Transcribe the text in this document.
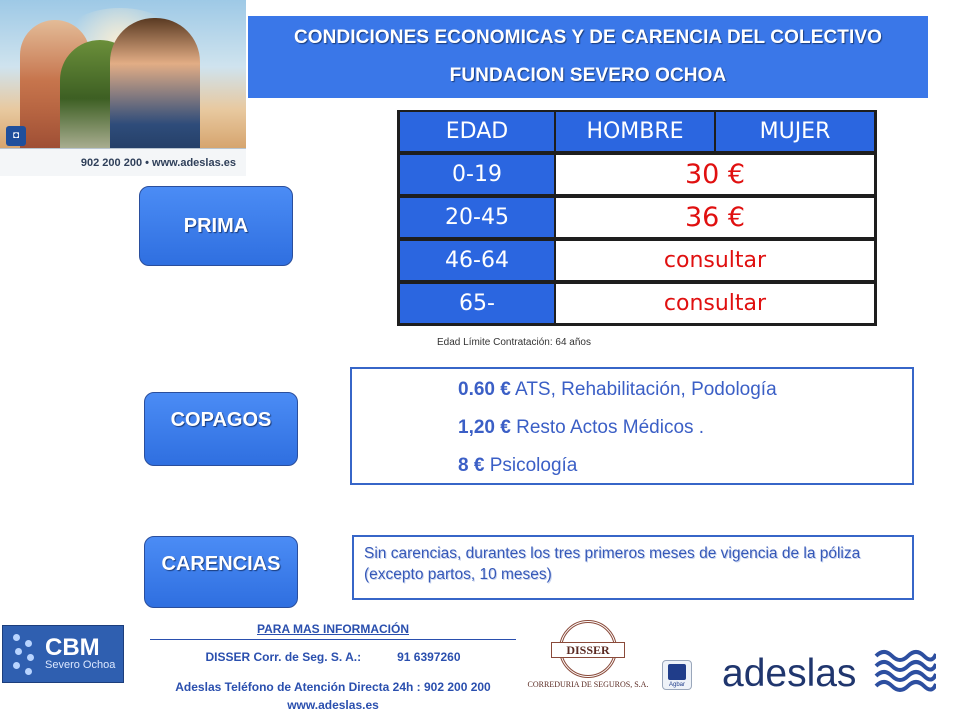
◘
902 200 200 • www.adeslas.es
CONDICIONES ECONOMICAS Y DE CARENCIA DEL COLECTIVO
FUNDACION SEVERO OCHOA
PRIMA
COPAGOS
CARENCIAS
EDAD	HOMBRE	MUJER
0-19	30 €
20-45	36 €
46-64	consultar
65-	consultar
Edad Límite Contratación: 64 años
0.60 € ATS, Rehabilitación, Podología
1,20 € Resto Actos Médicos .
8 € Psicología
Sin carencias, durantes los tres primeros meses de vigencia de la póliza (excepto partos, 10 meses)
CBM
Severo Ochoa
PARA MAS INFORMACIÓN
DISSER Corr. de Seg. S. A.:	91 6397260
Adeslas Teléfono de Atención Directa 24h : 902 200 200
www.adeslas.es
DISSER
CORREDURIA DE SEGUROS, S.A.	Agbar adeslas
